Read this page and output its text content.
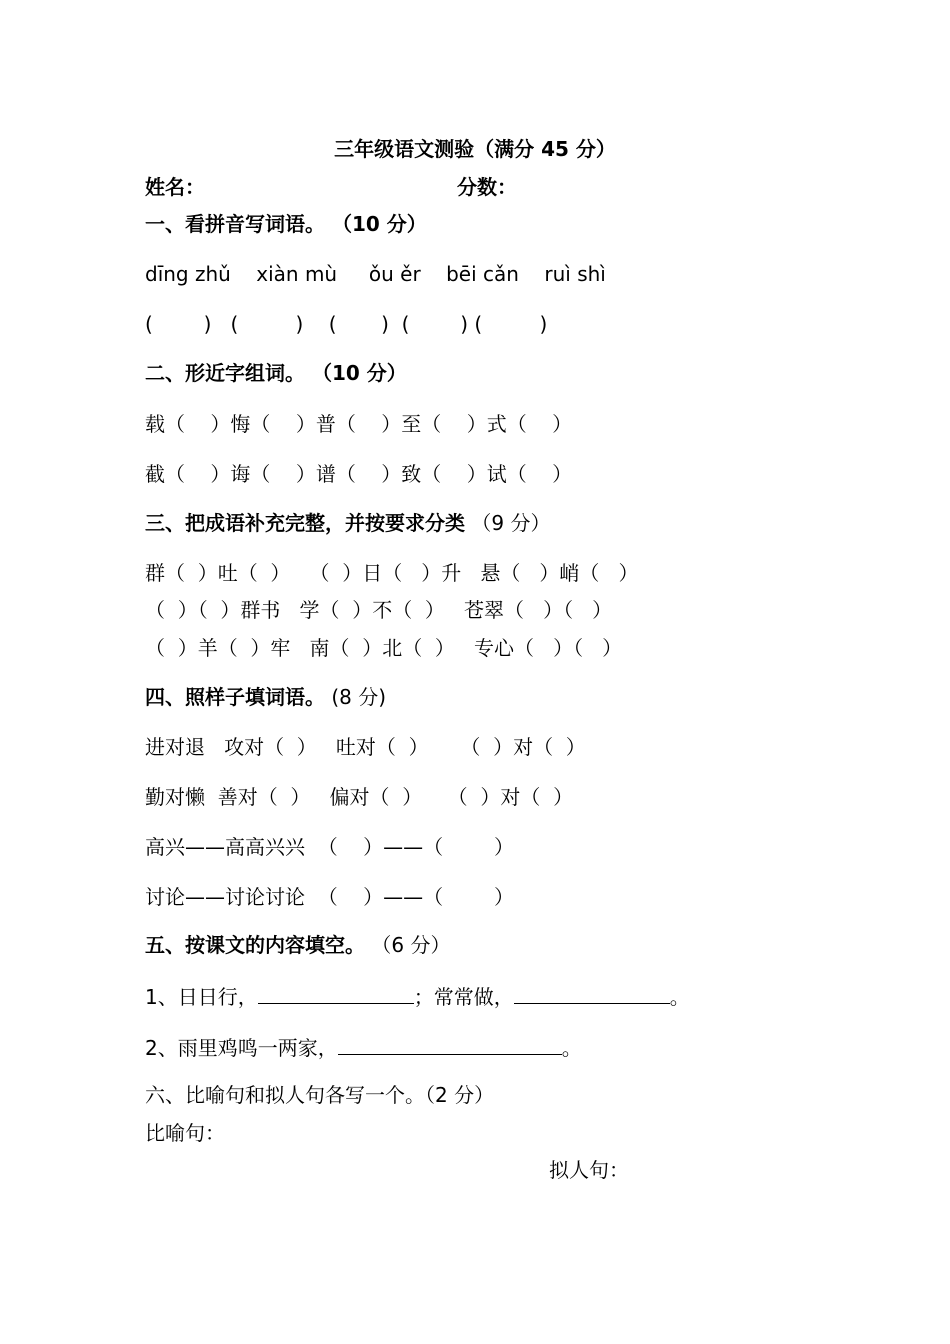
三年级语文测验（满分 45 分）
姓名：	分数：
一、看拼音写词语。 （10 分）
dīng zhǔ    xiàn mù     ǒu ěr    bēi cǎn    ruì shì
(        )   (         )    (       )  (        ) (         )
二、形近字组词。 （10 分）
载（    ）悔（    ）普（    ）至（    ）式（    ）
截（    ）诲（    ）谱（    ）致（    ）试（    ）
三、把成语补充完整，并按要求分类 （9 分）
群（  ）吐（  ）   （  ）日（   ）升   悬（   ）峭（   ）
（  ）（  ）群书   学（  ）不（  ）   苍翠（   ）（   ）
（  ）羊（  ）牢   南（  ）北（  ）   专心（   ）（   ）
四、照样子填词语。 (8 分)
进对退   攻对（  ）   吐对（  ）     （  ）对（  ）
勤对懒  善对（  ）   偏对（  ）    （  ）对（  ）
高兴——高高兴兴  （    ）——（        ）
讨论——讨论讨论  （    ）——（        ）
五、按课文的内容填空。 （6 分）
1、日日行，	；常常做，	。
2、雨里鸡鸣一两家，	。
六、比喻句和拟人句各写一个。（2 分）
比喻句：
拟人句：
